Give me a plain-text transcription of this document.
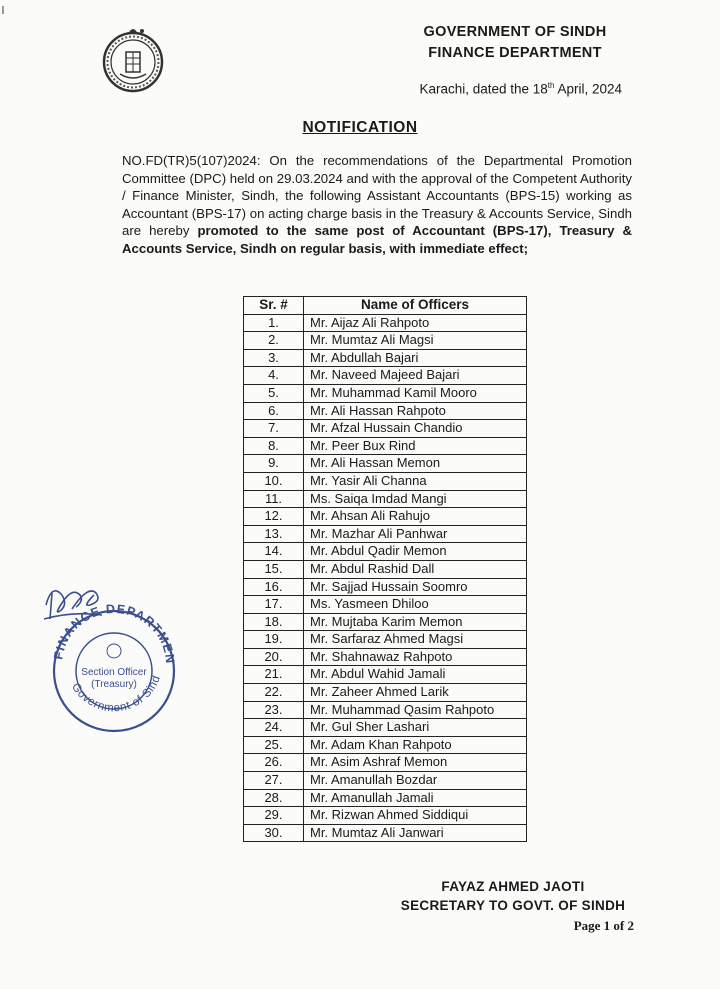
GOVERNMENT OF SINDH
FINANCE DEPARTMENT
Karachi, dated the 18th April, 2024
NOTIFICATION
NO.FD(TR)5(107)2024: On the recommendations of the Departmental Promotion Committee (DPC) held on 29.03.2024 and with the approval of the Competent Authority / Finance Minister, Sindh, the following Assistant Accountants (BPS-15) working as Accountant (BPS-17) on acting charge basis in the Treasury & Accounts Service, Sindh are hereby promoted to the same post of Accountant (BPS-17), Treasury & Accounts Service, Sindh on regular basis, with immediate effect;
Sr. #	Name of Officers
1.	Mr. Aijaz Ali Rahpoto
2.	Mr. Mumtaz Ali Magsi
3.	Mr. Abdullah Bajari
4.	Mr. Naveed Majeed Bajari
5.	Mr. Muhammad Kamil Mooro
6.	Mr. Ali Hassan Rahpoto
7.	Mr. Afzal Hussain Chandio
8.	Mr. Peer Bux Rind
9.	Mr. Ali Hassan Memon
10.	Mr. Yasir Ali Channa
11.	Ms. Saiqa Imdad Mangi
12.	Mr. Ahsan Ali Rahujo
13.	Mr. Mazhar Ali Panhwar
14.	Mr. Abdul Qadir Memon
15.	Mr. Abdul Rashid Dall
16.	Mr. Sajjad Hussain Soomro
17.	Ms. Yasmeen Dhiloo
18.	Mr. Mujtaba Karim Memon
19.	Mr. Sarfaraz Ahmed Magsi
20.	Mr. Shahnawaz Rahpoto
21.	Mr. Abdul Wahid Jamali
22.	Mr. Zaheer Ahmed Larik
23.	Mr. Muhammad Qasim Rahpoto
24.	Mr. Gul Sher Lashari
25.	Mr. Adam Khan Rahpoto
26.	Mr. Asim Ashraf Memon
27.	Mr. Amanullah Bozdar
28.	Mr. Amanullah Jamali
29.	Mr. Rizwan Ahmed Siddiqui
30.	Mr. Mumtaz Ali Janwari
FINANCE DEPARTMEN
Government of Sind
Section Officer
(Treasury)
FAYAZ AHMED JAOTI
SECRETARY TO GOVT. OF SINDH
Page 1 of 2
